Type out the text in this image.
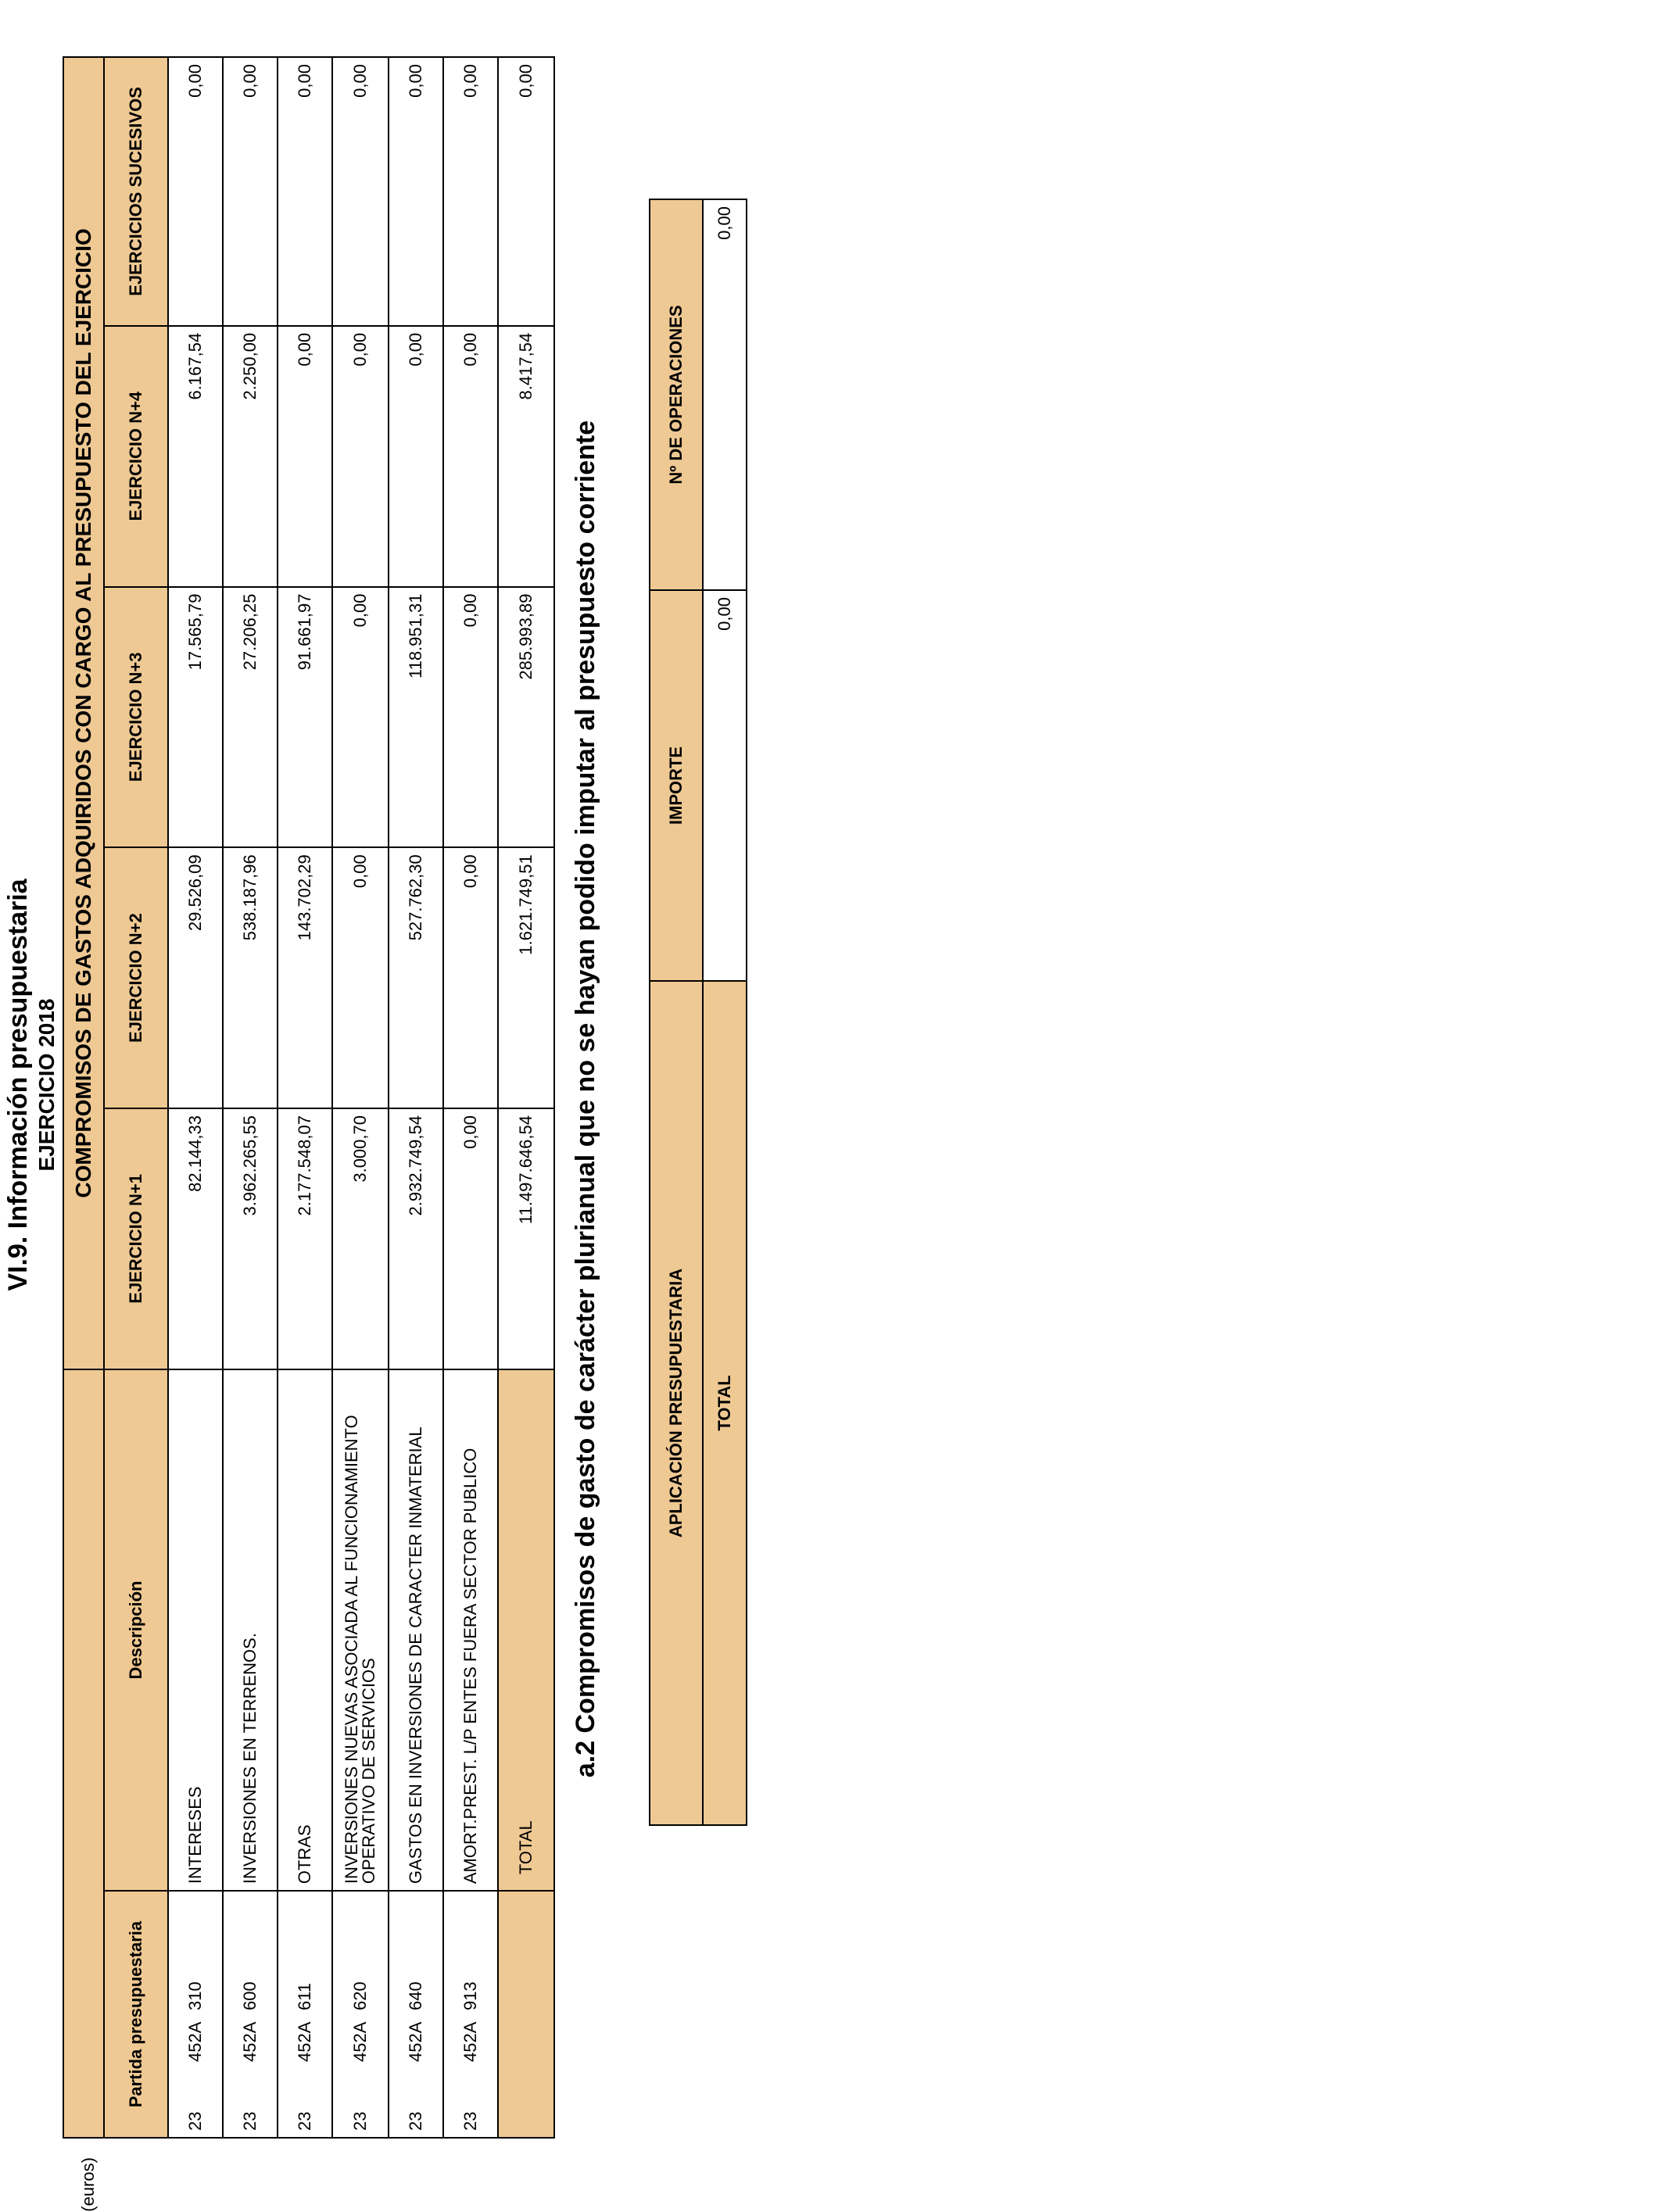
VI.9. Información presupuestaria EJERCICIO 2018
(euros)
		COMPROMISOS DE GASTOS ADQUIRIDOS CON CARGO AL PRESUPUESTO DEL EJERCICIO				
Partida presupuestaria	Descripción	EJERCICIO N+1	EJERCICIO N+2	EJERCICIO N+3	EJERCICIO N+4	EJERCICIOS SUCESIVOS
23452A310	INTERESES	82.144,33	29.526,09	17.565,79	6.167,54	0,00
23452A600	INVERSIONES EN TERRENOS.	3.962.265,55	538.187,96	27.206,25	2.250,00	0,00
23452A611	OTRAS	2.177.548,07	143.702,29	91.661,97	0,00	0,00
23452A620	INVERSIONES NUEVAS ASOCIADA AL FUNCIONAMIENTO OPERATIVO DE SERVICIOS	3.000,70	0,00	0,00	0,00	0,00
23452A640	GASTOS EN INVERSIONES DE CARACTER INMATERIAL	2.932.749,54	527.762,30	118.951,31	0,00	0,00
23452A913	AMORT.PREST. L/P ENTES FUERA SECTOR PUBLICO	0,00	0,00	0,00	0,00	0,00
	TOTAL	11.497.646,54	1.621.749,51	285.993,89	8.417,54	0,00
a.2 Compromisos de gasto de carácter plurianual que no se hayan podido imputar al presupuesto corriente	APLICACIÓN PRESUPUESTARIA	IMPORTE	Nº DE OPERACIONES
TOTAL	0,00	0,00
